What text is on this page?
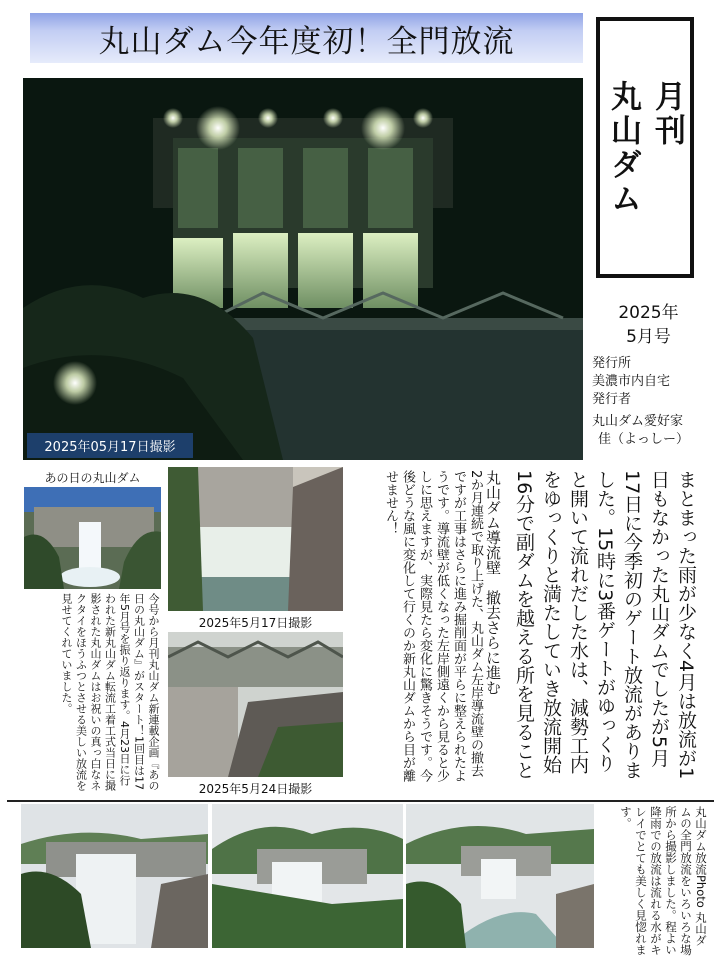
丸山ダム今年度初！全門放流
月刊
丸山ダム
2025年
5月号
発行所
美濃市内自宅
発行者
丸山ダム愛好家
佳（よっしー）
2025年05月17日撮影
まとまった雨が少なく4月は放流が1日もなかった丸山ダムでしたが5月17日に今季初のゲート放流がありました。15時に3番ゲートがゆっくりと開いて流れだした水は、減勢工内をゆっくりと満たしていき放流開始16分で副ダムを越える所を見ること
丸山ダム導流壁　撤去さらに進む
2か月連続で取り上げた、丸山ダム左岸導流壁の撤去ですが工事はさらに進み掘削面が平らに整えられたようです。導流壁が低くなった左岸側遠くから見ると少しに思えますが、実際見たら変化に驚きそうです。今後どうな風に変化して行くのか新丸山ダムから目が離せません！
あの日の丸山ダム
今号から月刊丸山ダム新連載企画『あの日の丸山ダム』がスタート！1回目は17年5月号を振り返ります。4月23日に行われた新丸山ダム転流工着工式当日に撮影された丸山ダムはお祝いの真っ白なネクタイをほうふつとさせる美しい放流を見せてくれていました。	2025年5月17日撮影
2025年5月24日撮影
丸山ダム放流Photo 丸山ダムの全門放流をいろいろな場所から撮影しました。程よい降雨での放流は流れる水がキレイでとても美しく見惚れます。
